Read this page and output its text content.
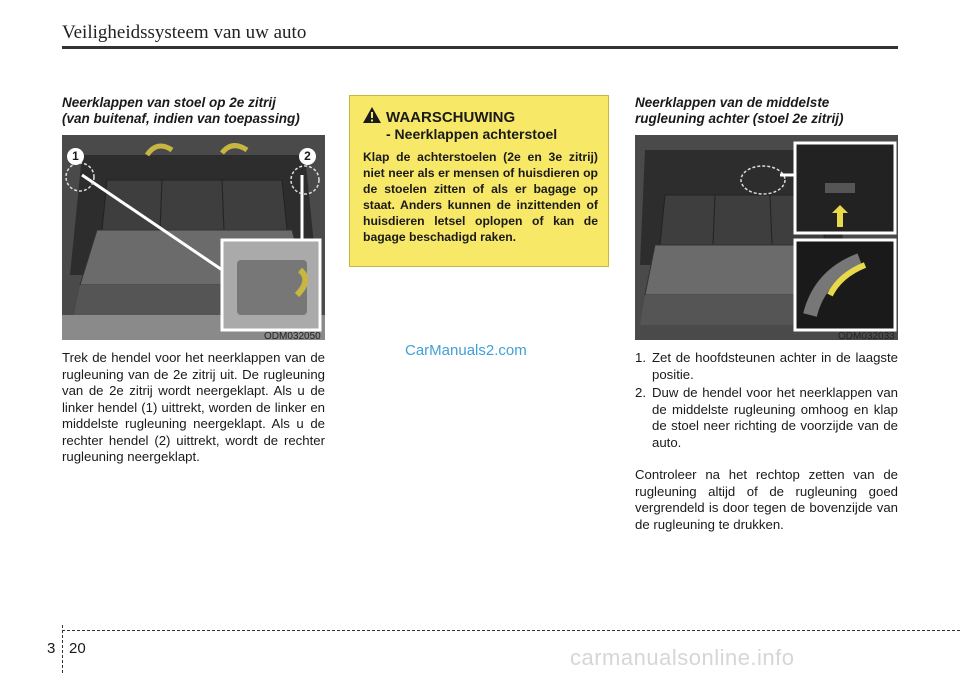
Veiligheidssysteem van uw auto
Neerklappen van stoel op 2e zitrij
(van buitenaf, indien van toepassing)
1	2
ODM032050
Trek de hendel voor het neerklappen van de rugleuning van de 2e zitrij uit. De rugleuning van de 2e zitrij wordt neergeklapt. Als u de linker hendel (1) uittrekt, worden de linker en middelste rugleuning neergeklapt. Als u de rechter hendel (2) uittrekt, wordt de rechter rugleuning neergeklapt.
WAARSCHUWING
- Neerklappen achterstoel
Klap de achterstoelen (2e en 3e zitrij) niet neer als er mensen of huisdieren op de stoelen zitten of als er bagage op staat. Anders kunnen de inzittenden of huisdieren letsel oplopen of kan de bagage beschadigd raken.
CarManuals2.com
Neerklappen van de middelste
rugleuning achter (stoel 2e zitrij)
ODM032033
1. Zet de hoofdsteunen achter in de laagste positie.
2. Duw de hendel voor het neerklappen van de middelste rugleuning omhoog en klap de stoel neer richting de voorzijde van de auto.
Controleer na het rechtop zetten van de rugleuning altijd of de rugleuning goed vergrendeld is door tegen de bovenzijde van de rugleuning te drukken.
3 20	carmanualsonline.info
